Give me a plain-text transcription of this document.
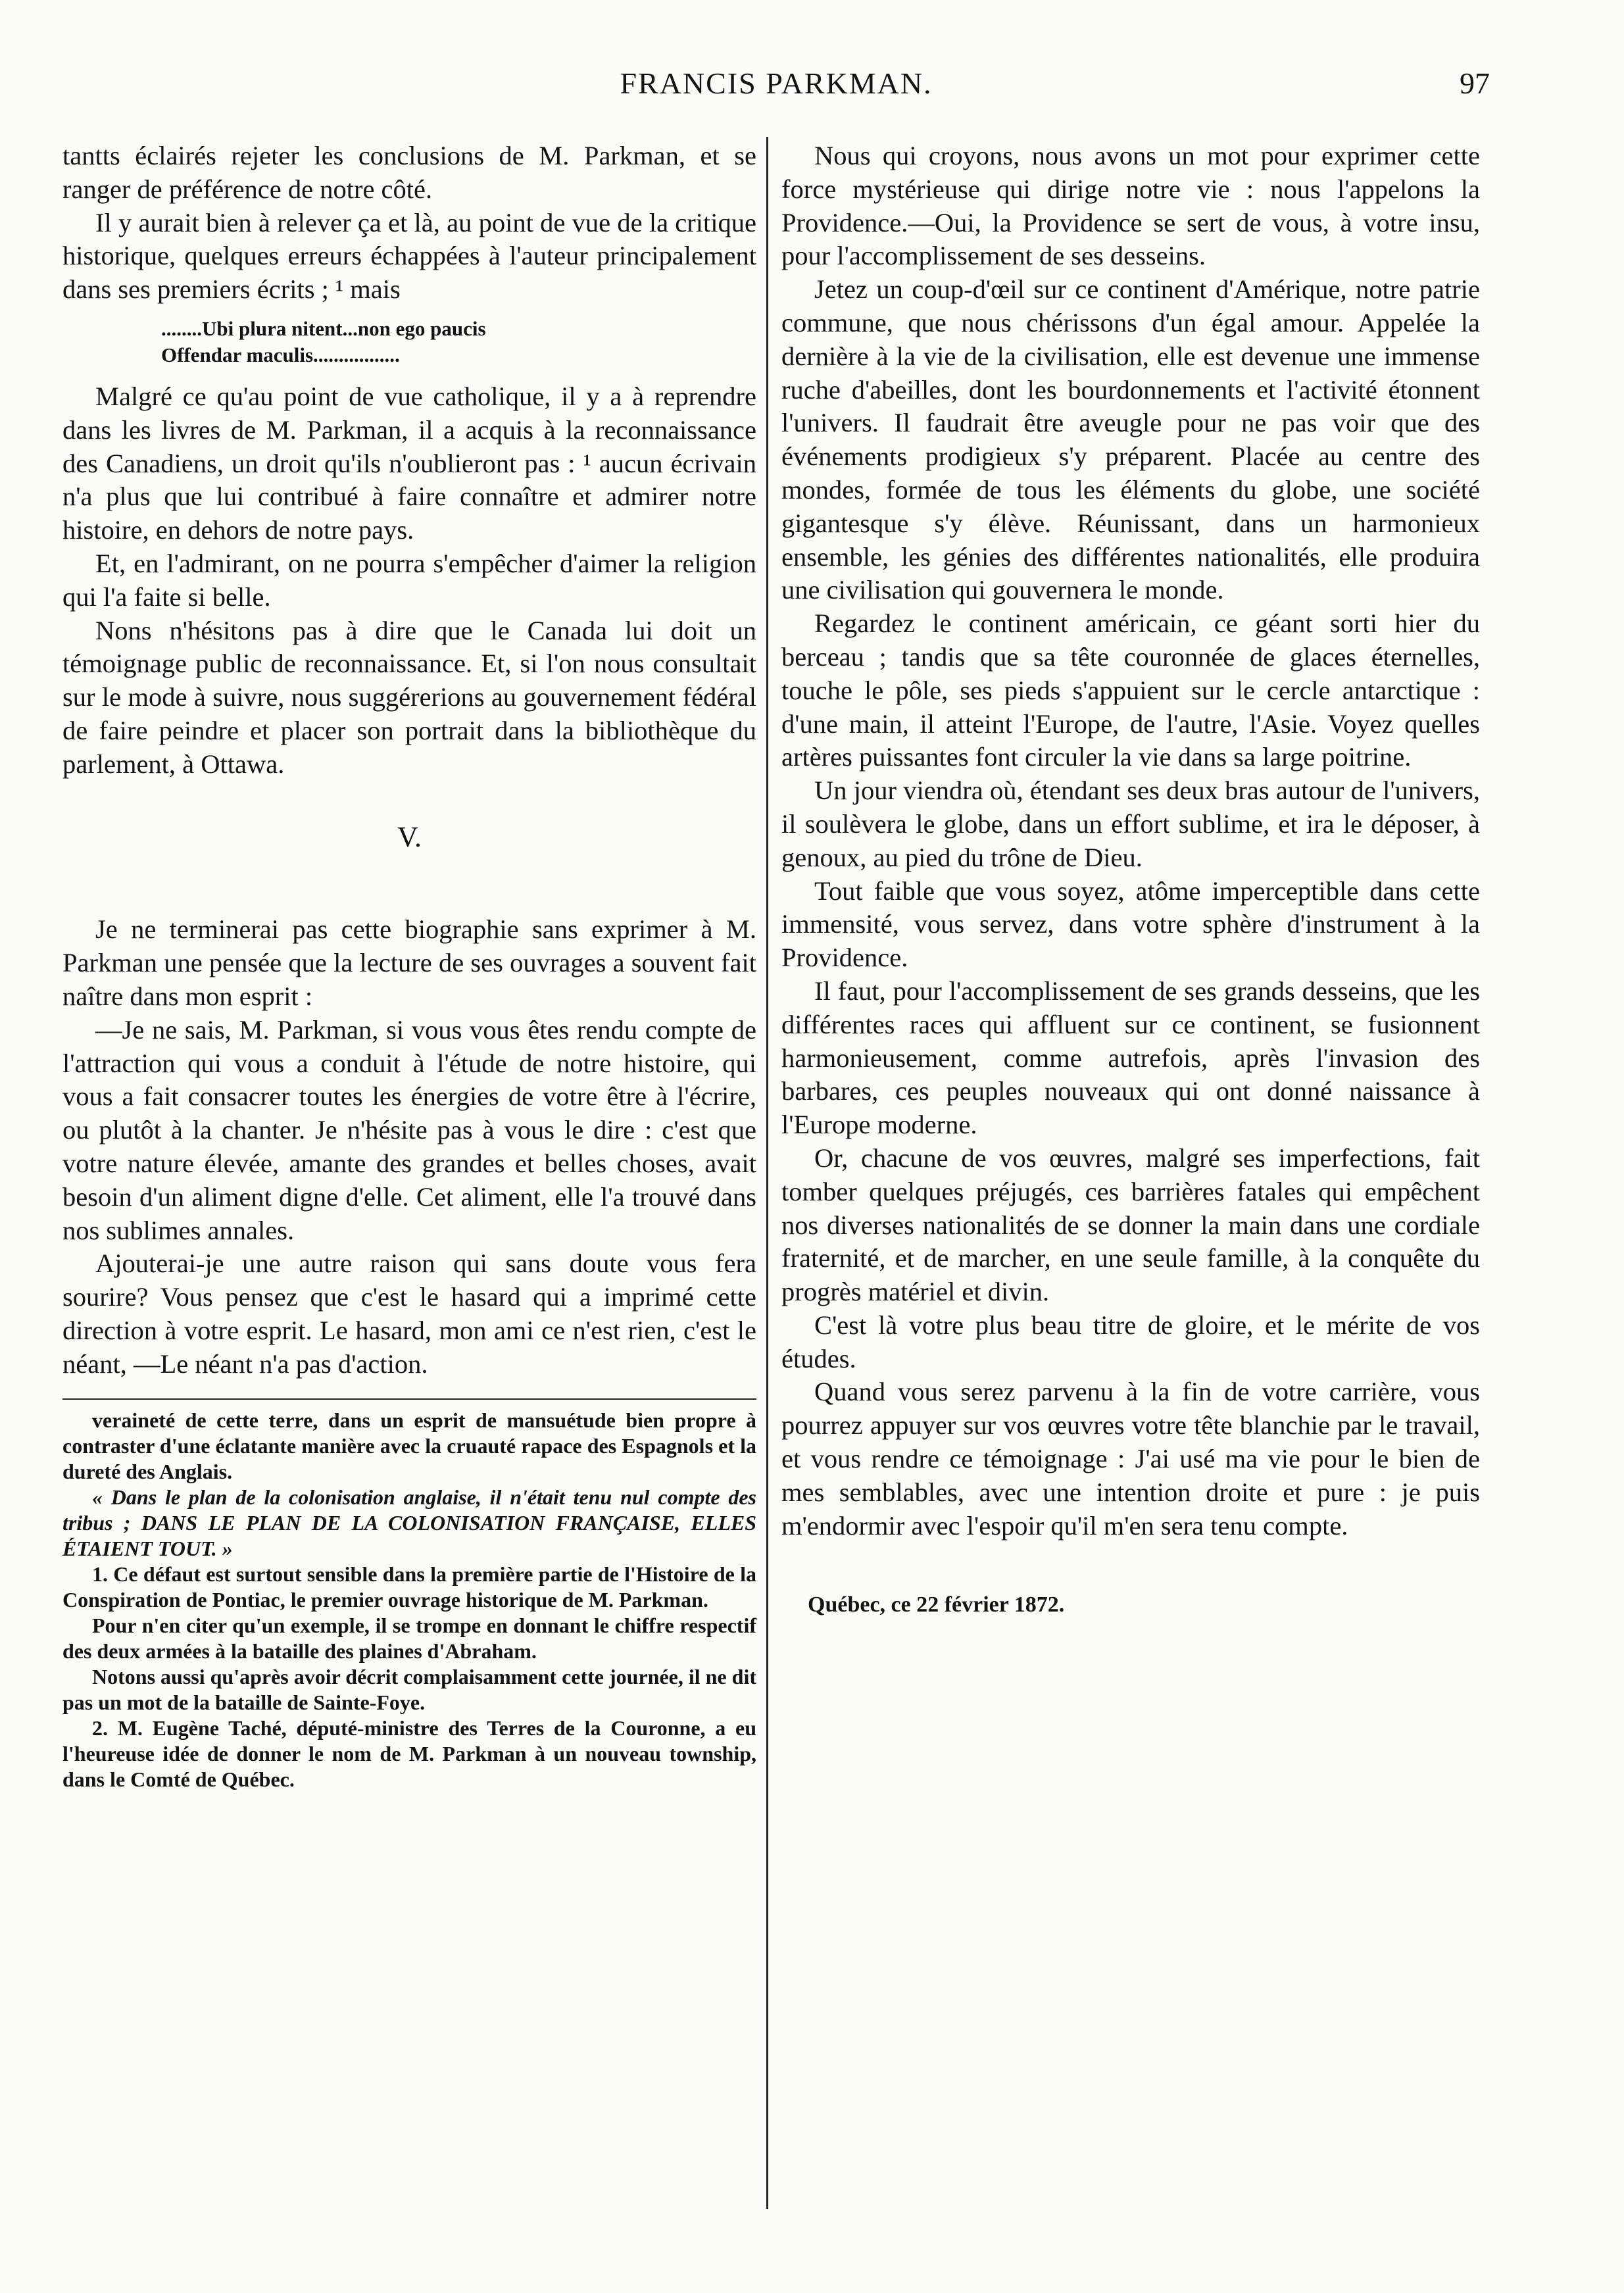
FRANCIS PARKMAN.	97

tantts éclairés rejeter les conclusions de M. Parkman, et se ranger de préférence de notre côté.

Il y aurait bien à relever ça et là, au point de vue de la critique historique, quelques erreurs échappées à l'auteur principalement dans ses premiers écrits ; ¹ mais

........Ubi plura nitent...non ego paucis
Offendar maculis.................

Malgré ce qu'au point de vue catholique, il y a à reprendre dans les livres de M. Parkman, il a acquis à la reconnaissance des Canadiens, un droit qu'ils n'oublieront pas : ¹ aucun écrivain n'a plus que lui contribué à faire connaître et admirer notre histoire, en dehors de notre pays.

Et, en l'admirant, on ne pourra s'empêcher d'aimer la religion qui l'a faite si belle.

Nons n'hésitons pas à dire que le Canada lui doit un témoignage public de reconnaissance. Et, si l'on nous consultait sur le mode à suivre, nous suggérerions au gouvernement fédéral de faire peindre et placer son portrait dans la bibliothèque du parlement, à Ottawa.

V.

Je ne terminerai pas cette biographie sans exprimer à M. Parkman une pensée que la lecture de ses ouvrages a souvent fait naître dans mon esprit :

—Je ne sais, M. Parkman, si vous vous êtes rendu compte de l'attraction qui vous a conduit à l'étude de notre histoire, qui vous a fait consacrer toutes les énergies de votre être à l'écrire, ou plutôt à la chanter. Je n'hésite pas à vous le dire : c'est que votre nature élevée, amante des grandes et belles choses, avait besoin d'un aliment digne d'elle. Cet aliment, elle l'a trouvé dans nos sublimes annales.

Ajouterai-je une autre raison qui sans doute vous fera sourire? Vous pensez que c'est le hasard qui a imprimé cette direction à votre esprit. Le hasard, mon ami ce n'est rien, c'est le néant, —Le néant n'a pas d'action.

veraineté de cette terre, dans un esprit de mansuétude bien propre à contraster d'une éclatante manière avec la cruauté rapace des Espagnols et la dureté des Anglais.

« Dans le plan de la colonisation anglaise, il n'était tenu nul compte des tribus ; DANS LE PLAN DE LA COLONISATION FRANÇAISE, ELLES ÉTAIENT TOUT. »

1. Ce défaut est surtout sensible dans la première partie de l'Histoire de la Conspiration de Pontiac, le premier ouvrage historique de M. Parkman.

Pour n'en citer qu'un exemple, il se trompe en donnant le chiffre respectif des deux armées à la bataille des plaines d'Abraham.

Notons aussi qu'après avoir décrit complaisamment cette journée, il ne dit pas un mot de la bataille de Sainte-Foye.

2. M. Eugène Taché, député-ministre des Terres de la Couronne, a eu l'heureuse idée de donner le nom de M. Parkman à un nouveau township, dans le Comté de Québec.

Nous qui croyons, nous avons un mot pour exprimer cette force mystérieuse qui dirige notre vie : nous l'appelons la Providence.—Oui, la Providence se sert de vous, à votre insu, pour l'accomplissement de ses desseins.

Jetez un coup-d'œil sur ce continent d'Amérique, notre patrie commune, que nous chérissons d'un égal amour. Appelée la dernière à la vie de la civilisation, elle est devenue une immense ruche d'abeilles, dont les bourdonnements et l'activité étonnent l'univers. Il faudrait être aveugle pour ne pas voir que des événements prodigieux s'y préparent. Placée au centre des mondes, formée de tous les éléments du globe, une société gigantesque s'y élève. Réunissant, dans un harmonieux ensemble, les génies des différentes nationalités, elle produira une civilisation qui gouvernera le monde.

Regardez le continent américain, ce géant sorti hier du berceau ; tandis que sa tête couronnée de glaces éternelles, touche le pôle, ses pieds s'appuient sur le cercle antarctique : d'une main, il atteint l'Europe, de l'autre, l'Asie. Voyez quelles artères puissantes font circuler la vie dans sa large poitrine.

Un jour viendra où, étendant ses deux bras autour de l'univers, il soulèvera le globe, dans un effort sublime, et ira le déposer, à genoux, au pied du trône de Dieu.

Tout faible que vous soyez, atôme imperceptible dans cette immensité, vous servez, dans votre sphère d'instrument à la Providence.

Il faut, pour l'accomplissement de ses grands desseins, que les différentes races qui affluent sur ce continent, se fusionnent harmonieusement, comme autrefois, après l'invasion des barbares, ces peuples nouveaux qui ont donné naissance à l'Europe moderne.

Or, chacune de vos œuvres, malgré ses imperfections, fait tomber quelques préjugés, ces barrières fatales qui empêchent nos diverses nationalités de se donner la main dans une cordiale fraternité, et de marcher, en une seule famille, à la conquête du progrès matériel et divin.

C'est là votre plus beau titre de gloire, et le mérite de vos études.

Quand vous serez parvenu à la fin de votre carrière, vous pourrez appuyer sur vos œuvres votre tête blanchie par le travail, et vous rendre ce témoignage : J'ai usé ma vie pour le bien de mes semblables, avec une intention droite et pure : je puis m'endormir avec l'espoir qu'il m'en sera tenu compte.

Québec, ce 22 février 1872.
